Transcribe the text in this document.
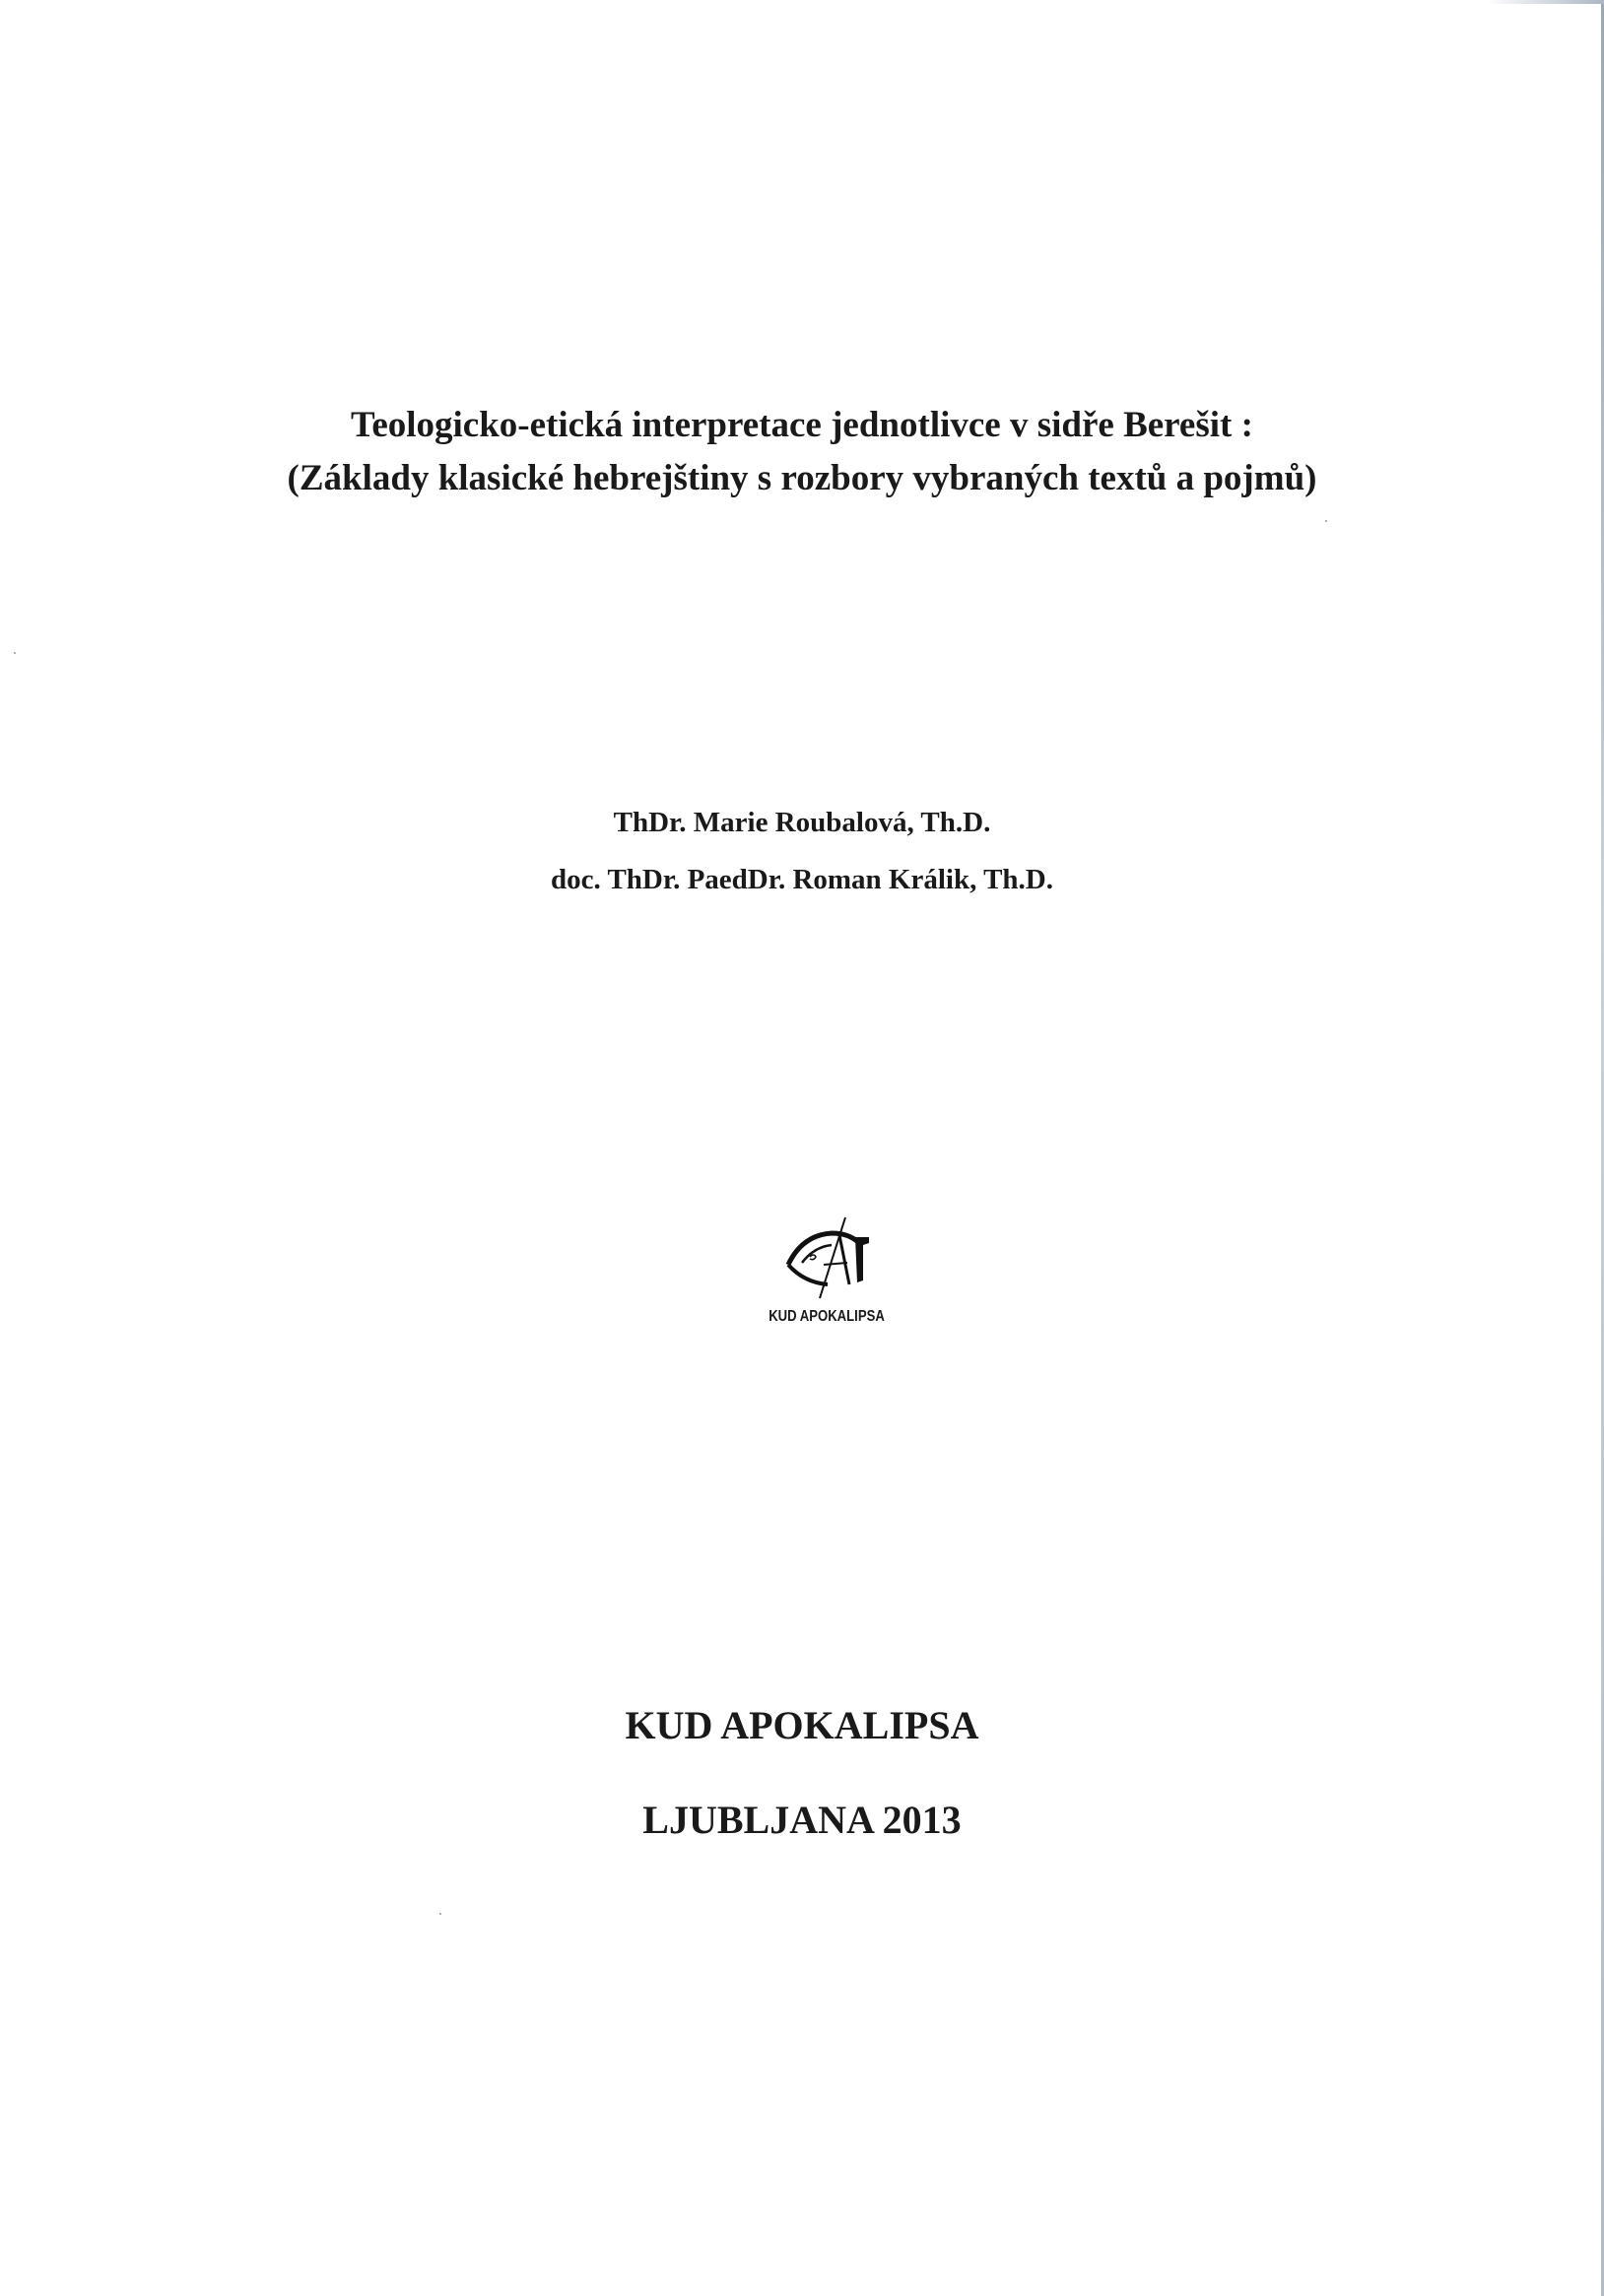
Teologicko-etická interpretace jednotlivce v sidře Berešit :
(Základy klasické hebrejštiny s rozbory vybraných textů a pojmů)
ThDr. Marie Roubalová, Th.D.
doc. ThDr. PaedDr. Roman Králik, Th.D.
KUD APOKALIPSA
KUD APOKALIPSA
LJUBLJANA 2013
